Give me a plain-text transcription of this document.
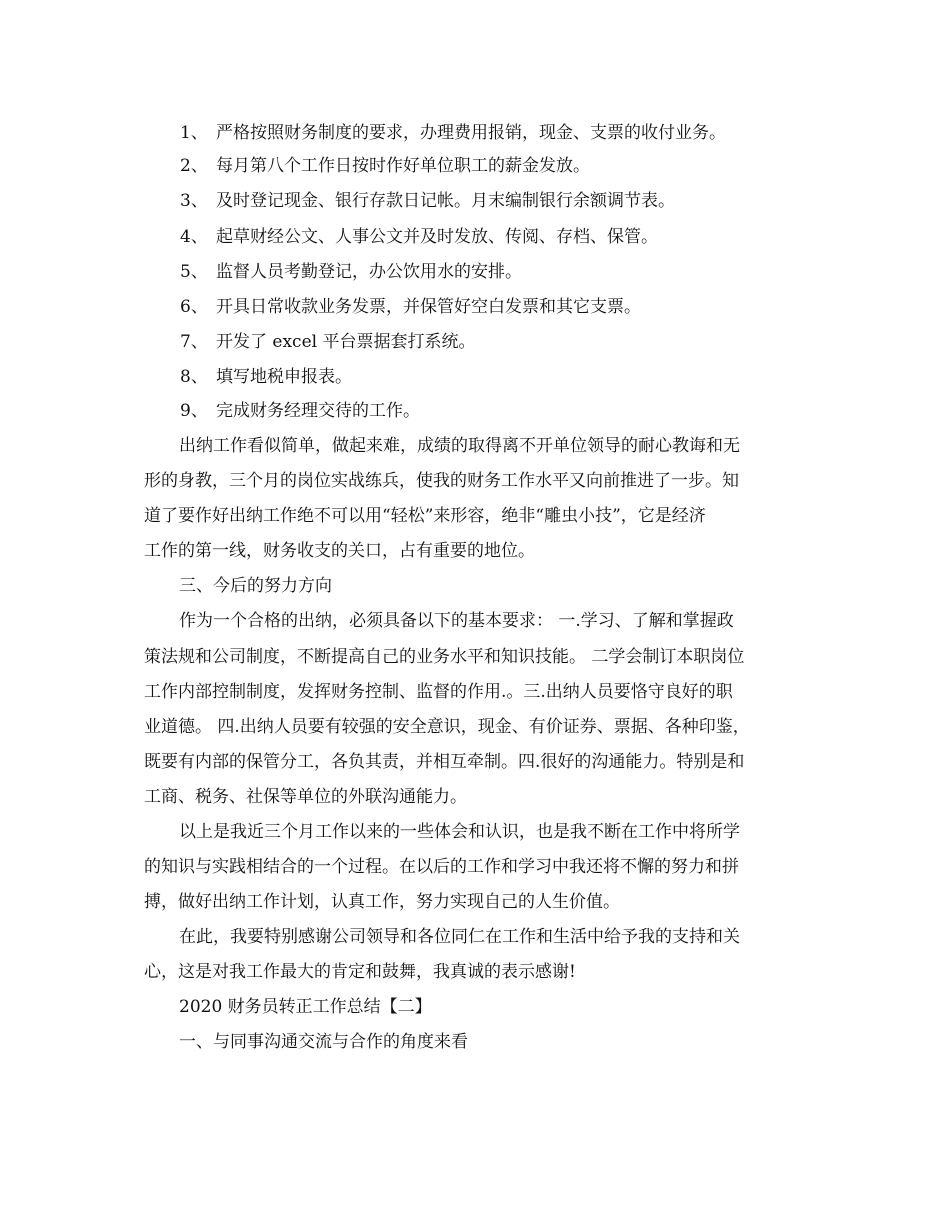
1、 严格按照财务制度的要求，办理费用报销，现金、支票的收付业务。
2、 每月第八个工作日按时作好单位职工的薪金发放。
3、 及时登记现金、银行存款日记帐。月末编制银行余额调节表。
4、 起草财经公文、人事公文并及时发放、传阅、存档、保管。
5、 监督人员考勤登记，办公饮用水的安排。
6、 开具日常收款业务发票，并保管好空白发票和其它支票。
7、 开发了 excel 平台票据套打系统。
8、 填写地税申报表。
9、 完成财务经理交待的工作。
出纳工作看似简单，做起来难，成绩的取得离不开单位领导的耐心教诲和无
形的身教，三个月的岗位实战练兵，使我的财务工作水平又向前推进了一步。知
道了要作好出纳工作绝不可以用“轻松”来形容，绝非“雕虫小技”，它是经济
工作的第一线，财务收支的关口，占有重要的地位。
三、今后的努力方向
作为一个合格的出纳，必须具备以下的基本要求： 一.学习、了解和掌握政
策法规和公司制度，不断提高自己的业务水平和知识技能。 二学会制订本职岗位
工作内部控制制度，发挥财务控制、监督的作用.。三.出纳人员要恪守良好的职
业道德。 四.出纳人员要有较强的安全意识，现金、有价证券、票据、各种印鉴，
既要有内部的保管分工，各负其责，并相互牵制。四.很好的沟通能力。特别是和
工商、税务、社保等单位的外联沟通能力。
以上是我近三个月工作以来的一些体会和认识，也是我不断在工作中将所学
的知识与实践相结合的一个过程。在以后的工作和学习中我还将不懈的努力和拼
搏，做好出纳工作计划，认真工作，努力实现自己的人生价值。
在此，我要特别感谢公司领导和各位同仁在工作和生活中给予我的支持和关
心，这是对我工作最大的肯定和鼓舞，我真诚的表示感谢!
2020 财务员转正工作总结【二】
一、与同事沟通交流与合作的角度来看
